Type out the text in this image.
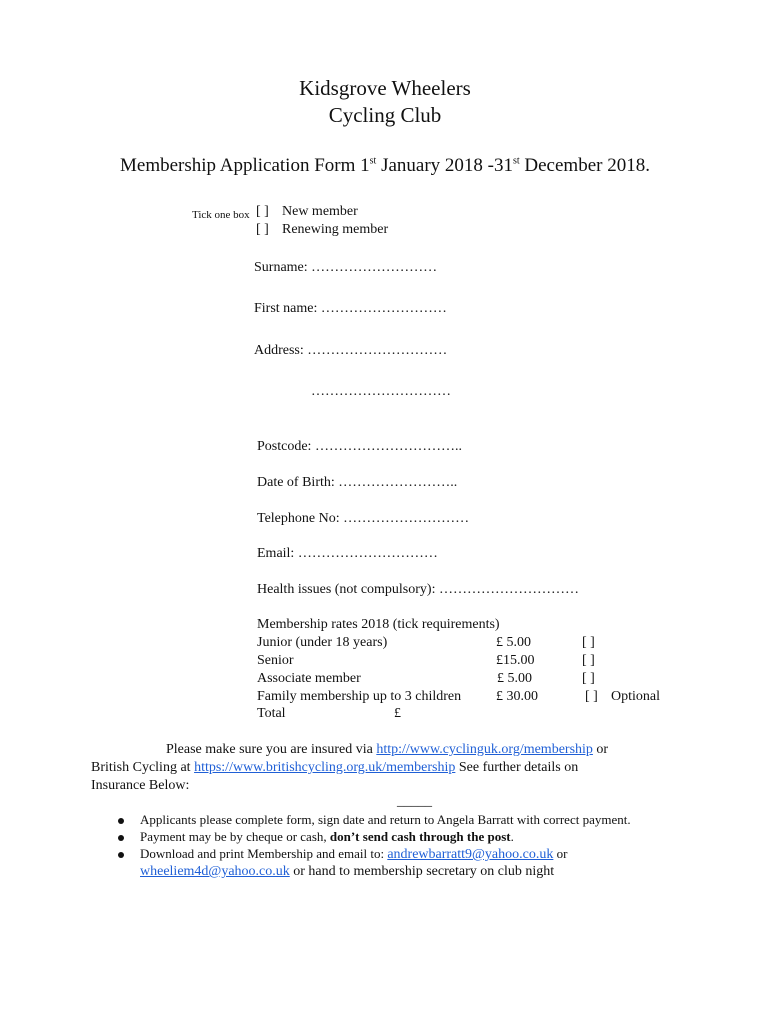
Kidsgrove Wheelers
Cycling Club
Membership Application Form 1st January 2018 -31st December 2018.
Tick one box [ ] New member
[ ] Renewing member
Surname: ………………………
First name: ………………………
Address: …………………………
…………………………
Postcode: …………………………..
Date of Birth: ……………………..
Telephone No: ………………………
Email: …………………………
Health issues (not compulsory): …………………………
Membership rates 2018 (tick requirements)
Junior (under 18 years)	£ 5.00	[ ]
Senior	£15.00	[ ]
Associate member	£ 5.00	[ ]
Family membership up to 3 children £ 30.00	[ ] Optional
Total	£
Please make sure you are insured via http://www.cyclinguk.org/membership or
British Cycling at https://www.britishcycling.org.uk/membership See further details on
Insurance Below:
_____
Applicants please complete form, sign date and return to Angela Barratt with correct payment.
Payment may be by cheque or cash, don’t send cash through the post.
Download and print Membership and email to: andrewbarratt9@yahoo.co.uk or
wheeliem4d@yahoo.co.uk or hand to membership secretary on club night
